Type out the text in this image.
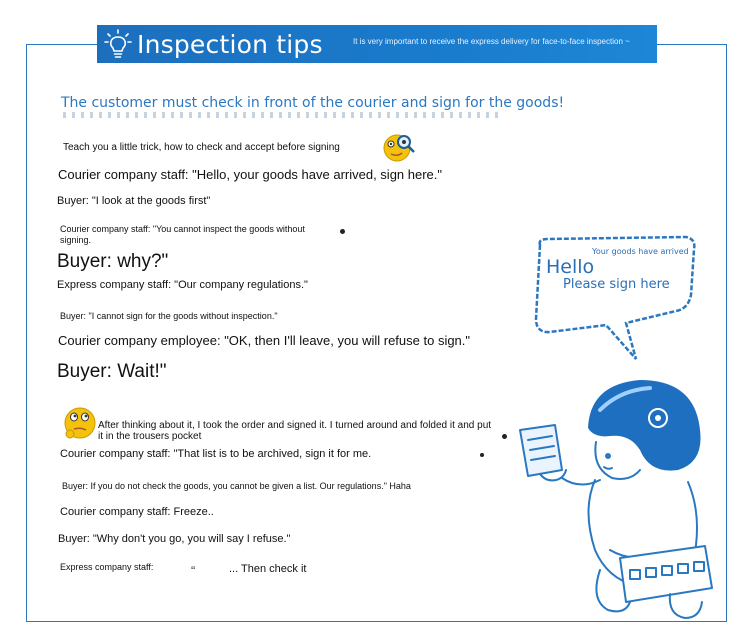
Inspection tips	It is very important to receive the express delivery for face-to-face inspection ~
The customer must check in front of the courier and sign for the goods!
Teach you a little trick, how to check and accept before signing
Courier company staff: "Hello, your goods have arrived, sign here."
Buyer: "I look at the goods first"
Courier company staff: "You cannot inspect the goods without signing.
Buyer: why?"
Express company staff: "Our company regulations."
Buyer: "I cannot sign for the goods without inspection."
Courier company employee: "OK, then I'll leave, you will refuse to sign."
Buyer: Wait!"
After thinking about it, I took the order and signed it. I turned around and folded it and put it in the trousers pocket
Courier company staff: "That list is to be archived, sign it for me.
Buyer: If you do not check the goods, you cannot be given a list. Our regulations." Haha
Courier company staff: Freeze..
Buyer: "Why don't you go, you will say I refuse."
Express company staff:	“	... Then check it
Hello
Your goods have arrived
Please sign here
